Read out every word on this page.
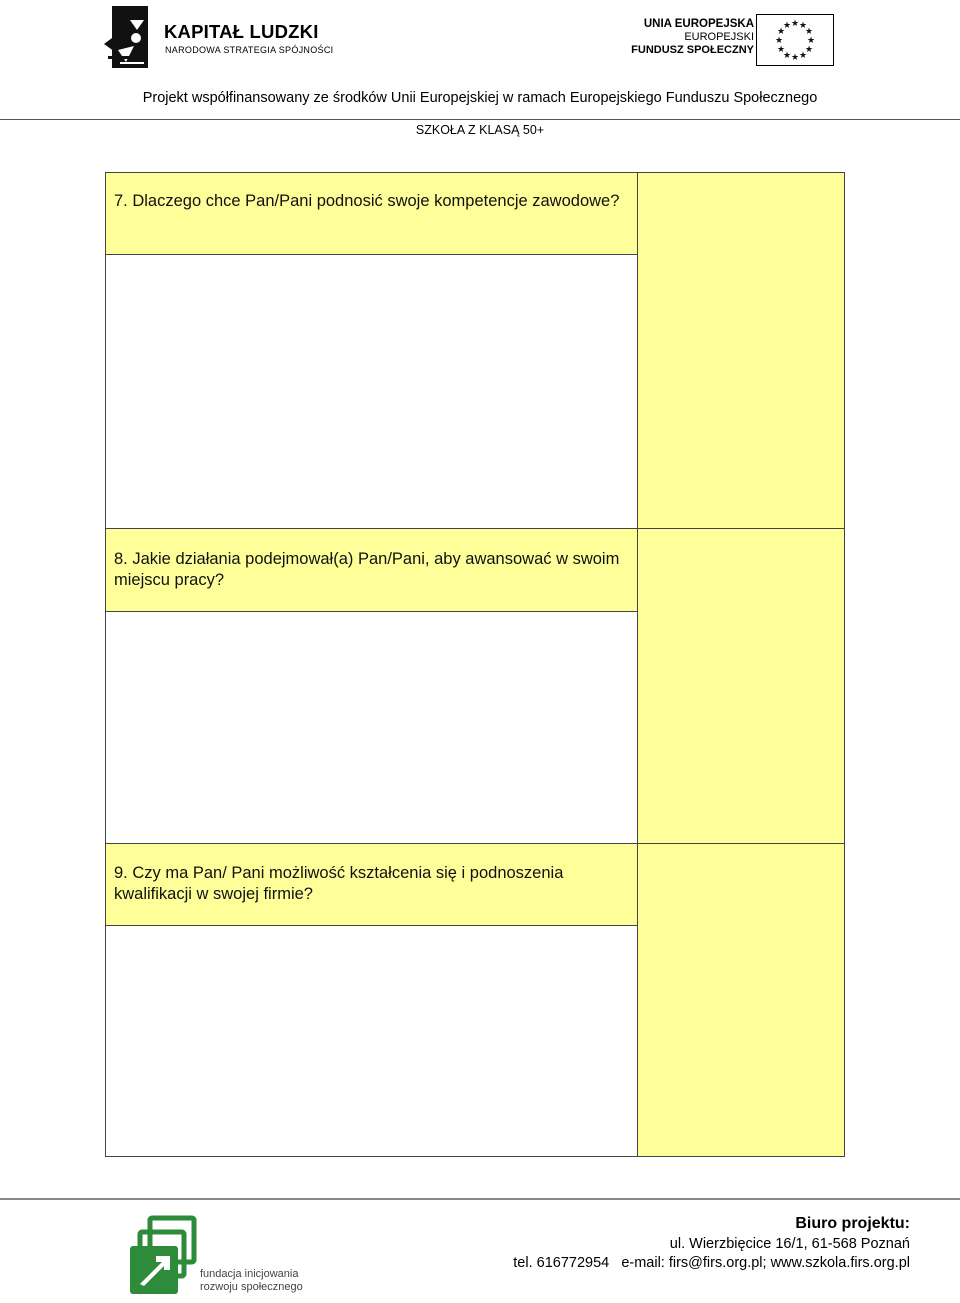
KAPITAŁ LUDZKI
NARODOWA STRATEGIA SPÓJNOŚCI
UNIA EUROPEJSKA
EUROPEJSKI
FUNDUSZ SPOŁECZNY
★ ★
★
★
★
★
★
★
★
★
★
★
Projekt współfinansowany ze środków Unii Europejskiej w ramach Europejskiego Funduszu Społecznego
SZKOŁA Z KLASĄ 50+
7. Dlaczego chce Pan/Pani podnosić swoje kompetencje zawodowe?
8. Jakie działania podejmował(a) Pan/Pani, aby awansować w swoim miejscu pracy?
9. Czy ma Pan/ Pani możliwość kształcenia się i podnoszenia kwalifikacji w swojej firmie?
fundacja inicjowania
rozwoju społecznego
Biuro projektu:
ul. Wierzbięcice 16/1, 61-568 Poznań
tel. 616772954   e-mail: firs@firs.org.pl; www.szkola.firs.org.pl
